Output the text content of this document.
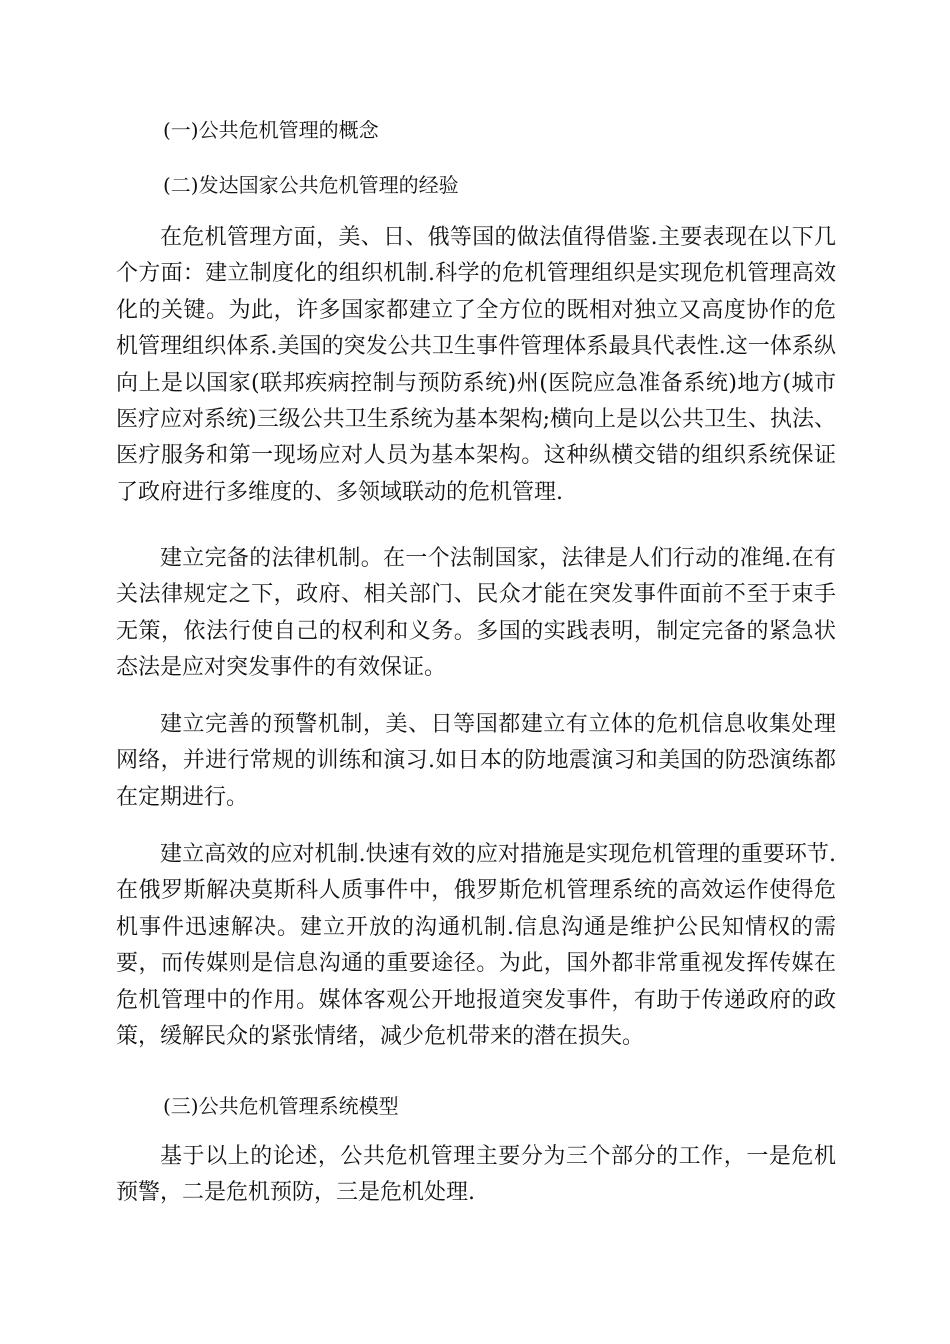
(一)公共危机管理的概念
(二)发达国家公共危机管理的经验

在危机管理方面，美、日、俄等国的做法值得借鉴.主要表现在以下几个方面：建立制度化的组织机制.科学的危机管理组织是实现危机管理高效化的关键。为此，许多国家都建立了全方位的既相对独立又高度协作的危机管理组织体系.美国的突发公共卫生事件管理体系最具代表性.这一体系纵向上是以国家(联邦疾病控制与预防系统)州(医院应急准备系统)地方(城市医疗应对系统)三级公共卫生系统为基本架构;横向上是以公共卫生、执法、医疗服务和第一现场应对人员为基本架构。这种纵横交错的组织系统保证了政府进行多维度的、多领域联动的危机管理.

建立完备的法律机制。在一个法制国家，法律是人们行动的准绳.在有关法律规定之下，政府、相关部门、民众才能在突发事件面前不至于束手无策，依法行使自己的权利和义务。多国的实践表明，制定完备的紧急状态法是应对突发事件的有效保证。

建立完善的预警机制，美、日等国都建立有立体的危机信息收集处理网络，并进行常规的训练和演习.如日本的防地震演习和美国的防恐演练都在定期进行。

建立高效的应对机制.快速有效的应对措施是实现危机管理的重要环节.在俄罗斯解决莫斯科人质事件中，俄罗斯危机管理系统的高效运作使得危机事件迅速解决。建立开放的沟通机制.信息沟通是维护公民知情权的需要，而传媒则是信息沟通的重要途径。为此，国外都非常重视发挥传媒在危机管理中的作用。媒体客观公开地报道突发事件，有助于传递政府的政策，缓解民众的紧张情绪，减少危机带来的潜在损失。

(三)公共危机管理系统模型

基于以上的论述，公共危机管理主要分为三个部分的工作，一是危机预警，二是危机预防，三是危机处理.
